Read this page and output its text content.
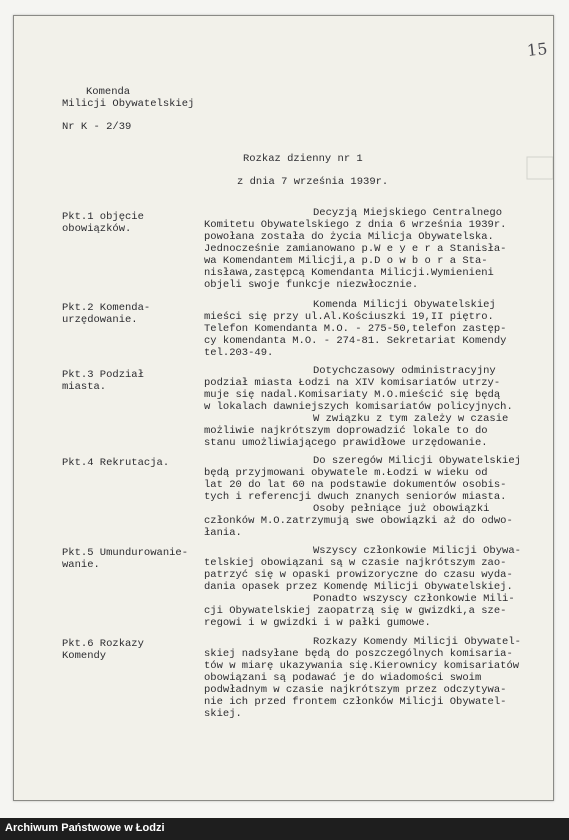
15
Komenda
Milicji Obywatelskiej
Nr K - 2/39
Rozkaz dzienny nr 1
z dnia 7 września 1939r.
Pkt.1 objęcie
obowiązków.
Decyzją Miejskiego Centralnego
Komitetu Obywatelskiego z dnia 6 września 1939r.
powołana została do życia Milicja Obywatelska.
Jednocześnie zamianowano p.W e y e r a Stanisła-
wa Komendantem Milicji,a p.D o w b o r a Sta-
nisława,zastępcą Komendanta Milicji.Wymienieni
objeli swoje funkcje niezwłocznie.
Pkt.2 Komenda-
urzędowanie.
Komenda Milicji Obywatelskiej
mieści się przy ul.Al.Kościuszki 19,II piętro.
Telefon Komendanta M.O. - 275-50,telefon zastęp-
cy komendanta M.O. - 274-81. Sekretariat Komendy
tel.203-49.
Pkt.3 Podział
miasta.
Dotychczasowy odministracyjny
podział miasta Łodzi na XIV komisariatów utrzy-
muje się nadal.Komisariaty M.O.mieścić się będą
w lokalach dawniejszych komisariatów policyjnych.
W związku z tym zależy w czasie
możliwie najkrótszym doprowadzić lokale to do
stanu umożliwiającego prawidłowe urzędowanie.
Pkt.4 Rekrutacja.	Do szeregów Milicji Obywatelskiej
będą przyjmowani obywatele m.Łodzi w wieku od
lat 20 do lat 60 na podstawie dokumentów osobis-
tych i referencji dwuch znanych seniorów miasta.
Osoby pełniące już obowiązki
członków M.O.zatrzymują swe obowiązki aż do odwo-
łania.
Pkt.5 Umundurowanie-
wanie.
Wszyscy członkowie Milicji Obywa-
telskiej obowiązani są w czasie najkrótszym zao-
patrzyć się w opaski prowizoryczne do czasu wyda-
dania opasek przez Komendę Milicji Obywatelskiej.
Ponadto wszyscy członkowie Mili-
cji Obywatelskiej zaopatrzą się w gwizdki,a sze-
regowi i w gwizdki i w pałki gumowe.
Pkt.6 Rozkazy
Komendy
Rozkazy Komendy Milicji Obywatel-
skiej nadsyłane będą do poszczególnych komisaria-
tów w miarę ukazywania się.Kierownicy komisariatów
obowiązani są podawać je do wiadomości swoim
podwładnym w czasie najkrótszym przez odczytywa-
nie ich przed frontem członków Milicji Obywatel-
skiej.
Archiwum Państwowe w Łodzi
